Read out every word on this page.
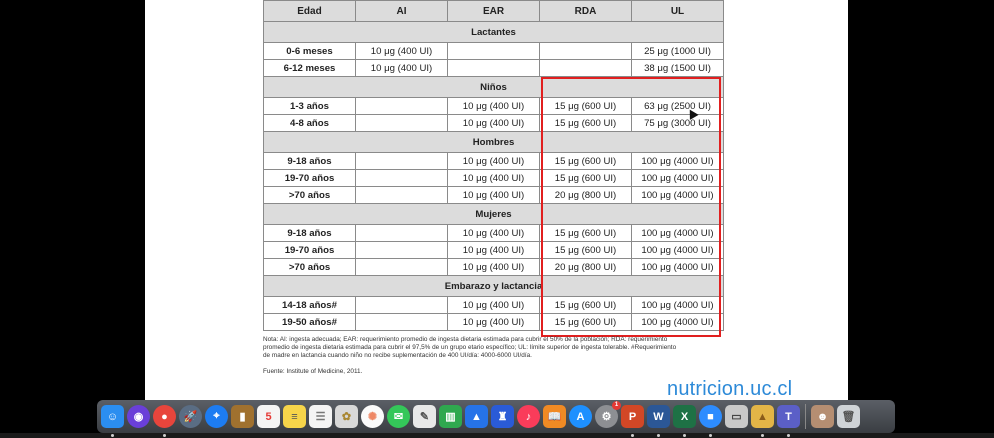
Edad	AI	EAR	RDA	UL
Lactantes				
0-6 meses	10 μg (400 UI)			25 μg (1000 UI)
6-12 meses	10 μg (400 UI)			38 μg (1500 UI)
Niños				
1-3 años		10 μg (400 UI)	15 μg (600 UI)	63 μg (2500 UI)
4-8 años		10 μg (400 UI)	15 μg (600 UI)	75 μg (3000 UI)
Hombres				
9-18 años		10 μg (400 UI)	15 μg (600 UI)	100 μg (4000 UI)
19-70 años		10 μg (400 UI)	15 μg (600 UI)	100 μg (4000 UI)
>70 años		10 μg (400 UI)	20 μg (800 UI)	100 μg (4000 UI)
Mujeres				
9-18 años		10 μg (400 UI)	15 μg (600 UI)	100 μg (4000 UI)
19-70 años		10 μg (400 UI)	15 μg (600 UI)	100 μg (4000 UI)
>70 años		10 μg (400 UI)	20 μg (800 UI)	100 μg (4000 UI)
Embarazo y lactancia				
14-18 años#		10 μg (400 UI)	15 μg (600 UI)	100 μg (4000 UI)
19-50 años#		10 μg (400 UI)	15 μg (600 UI)	100 μg (4000 UI)

Nota: AI: ingesta adecuada; EAR: requerimiento promedio de ingesta dietaria estimada para cubrir el 50% de la población; RDA: requerimiento

promedio de ingesta dietaria estimada para cubrir el 97,5% de un grupo etario específico; UL: límite superior de ingesta tolerable. #Requerimiento

de madre en lactancia cuando niño no recibe suplementación de 400 UI/día: 4000-6000 UI/día.

Fuente: Institute of Medicine, 2011.
nutricion.uc.cl
☺ ◉ ● 🚀 ⌖ ▮ 5 ≡ ☰ ✿ ✺ ✉ ✎ ▥ ▲ ♜ ♪ 📖 A ⚙
1
P W X ■ ▭ ▲ T ☻ 🗑
